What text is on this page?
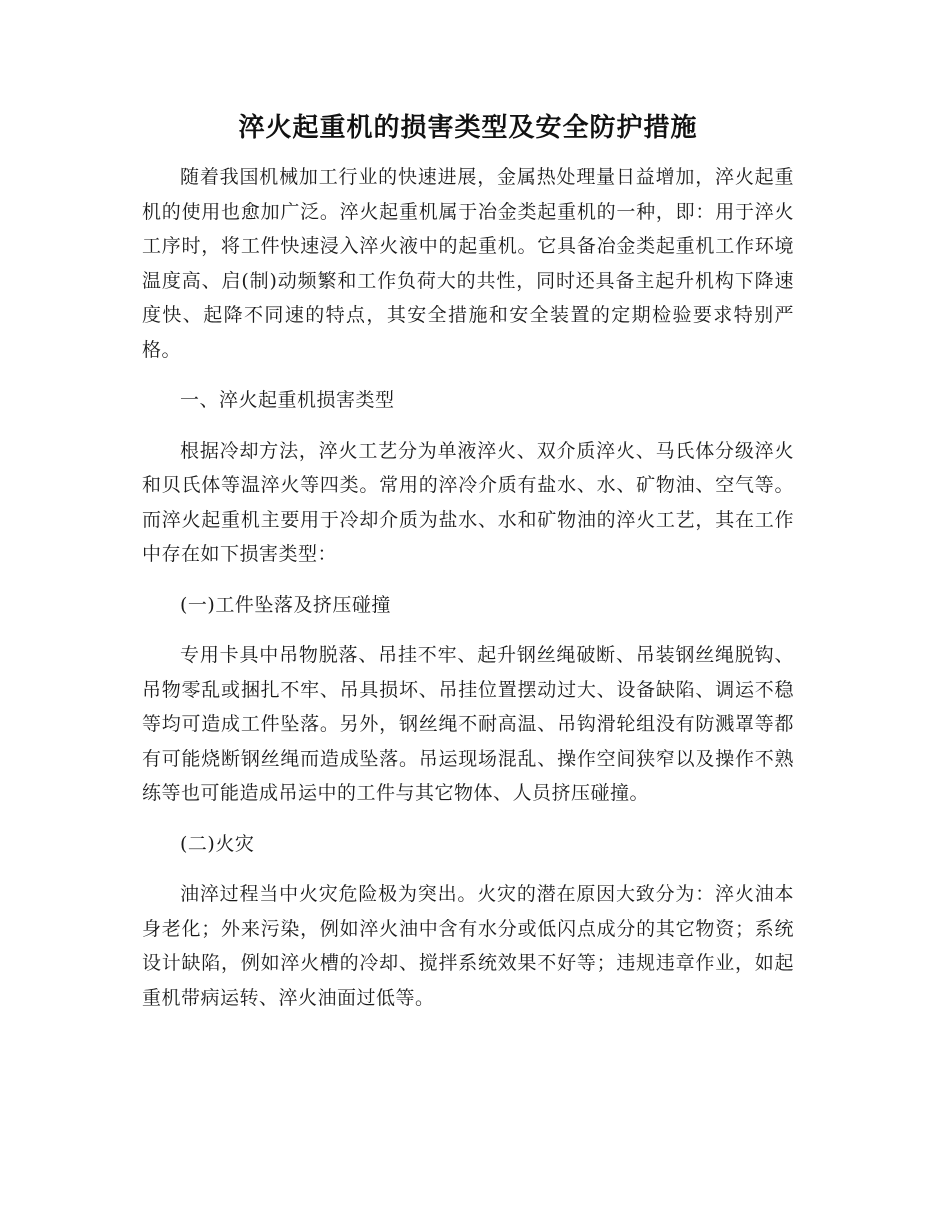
淬火起重机的损害类型及安全防护措施

随着我国机械加工行业的快速进展，金属热处理量日益增加，淬火起重机的使用也愈加广泛。淬火起重机属于冶金类起重机的一种，即：用于淬火工序时，将工件快速浸入淬火液中的起重机。它具备冶金类起重机工作环境温度高、启(制)动频繁和工作负荷大的共性，同时还具备主起升机构下降速度快、起降不同速的特点，其安全措施和安全装置的定期检验要求特别严格。

一、淬火起重机损害类型

根据冷却方法，淬火工艺分为单液淬火、双介质淬火、马氏体分级淬火和贝氏体等温淬火等四类。常用的淬冷介质有盐水、水、矿物油、空气等。而淬火起重机主要用于冷却介质为盐水、水和矿物油的淬火工艺，其在工作中存在如下损害类型：

(一)工件坠落及挤压碰撞

专用卡具中吊物脱落、吊挂不牢、起升钢丝绳破断、吊装钢丝绳脱钩、吊物零乱或捆扎不牢、吊具损坏、吊挂位置摆动过大、设备缺陷、调运不稳等均可造成工件坠落。另外，钢丝绳不耐高温、吊钩滑轮组没有防溅罩等都有可能烧断钢丝绳而造成坠落。吊运现场混乱、操作空间狭窄以及操作不熟练等也可能造成吊运中的工件与其它物体、人员挤压碰撞。

(二)火灾

油淬过程当中火灾危险极为突出。火灾的潜在原因大致分为：淬火油本身老化；外来污染，例如淬火油中含有水分或低闪点成分的其它物资；系统设计缺陷，例如淬火槽的冷却、搅拌系统效果不好等；违规违章作业，如起重机带病运转、淬火油面过低等。
